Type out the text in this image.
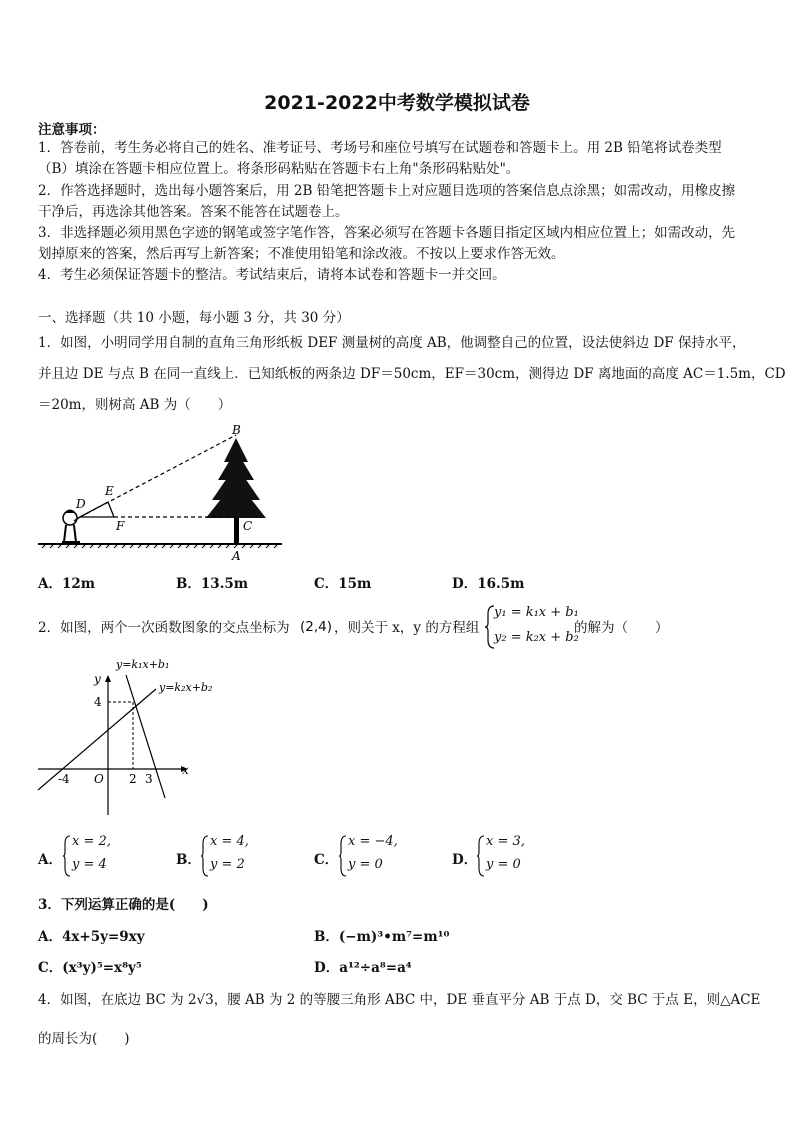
2021-2022中考数学模拟试卷
注意事项：
1．答卷前，考生务必将自己的姓名、准考证号、考场号和座位号填写在试题卷和答题卡上。用 2B 铅笔将试卷类型
（B）填涂在答题卡相应位置上。将条形码粘贴在答题卡右上角"条形码粘贴处"。
2．作答选择题时，选出每小题答案后，用 2B 铅笔把答题卡上对应题目选项的答案信息点涂黑；如需改动，用橡皮擦
干净后，再选涂其他答案。答案不能答在试题卷上。
3．非选择题必须用黑色字迹的钢笔或签字笔作答，答案必须写在答题卡各题目指定区域内相应位置上；如需改动，先
划掉原来的答案，然后再写上新答案；不准使用铅笔和涂改液。不按以上要求作答无效。
4．考生必须保证答题卡的整洁。考试结束后，请将本试卷和答题卡一并交回。
一、选择题（共 10 小题，每小题 3 分，共 30 分）
1．如图，小明同学用自制的直角三角形纸板 DEF 测量树的高度 AB，他调整自己的位置，设法使斜边 DF 保持水平，
并且边 DE 与点 B 在同一直线上．已知纸板的两条边 DF＝50cm，EF＝30cm，测得边 DF 离地面的高度 AC＝1.5m，CD
＝20m，则树高 AB 为（　　）
B
E
D
F	C
A
A．12m	B．13.5m	C．15m	D．16.5m
2．如图，两个一次函数图象的交点坐标为 (2,4) ，则关于 x，y 的方程组
y₁ = k₁x + b₁
y₂ = k₂x + b₂
的解为（　　）
y=k₁x+b₁
y=k₂x+b₂
y
x
O
-4	2 3
4
A．
x = 2,
y = 4	B．
x = 4,
y = 2	C．
x = −4,
y = 0	D．
x = 3,
y = 0
3．下列运算正确的是(　　)
A．4x+5y=9xy	B．(−m)³•m⁷=m¹⁰
C．(x³y)⁵=x⁸y⁵	D．a¹²÷a⁸=a⁴
4．如图，在底边 BC 为 2√3，腰 AB 为 2 的等腰三角形 ABC 中，DE 垂直平分 AB 于点 D，交 BC 于点 E，则△ACE
的周长为(　　)
